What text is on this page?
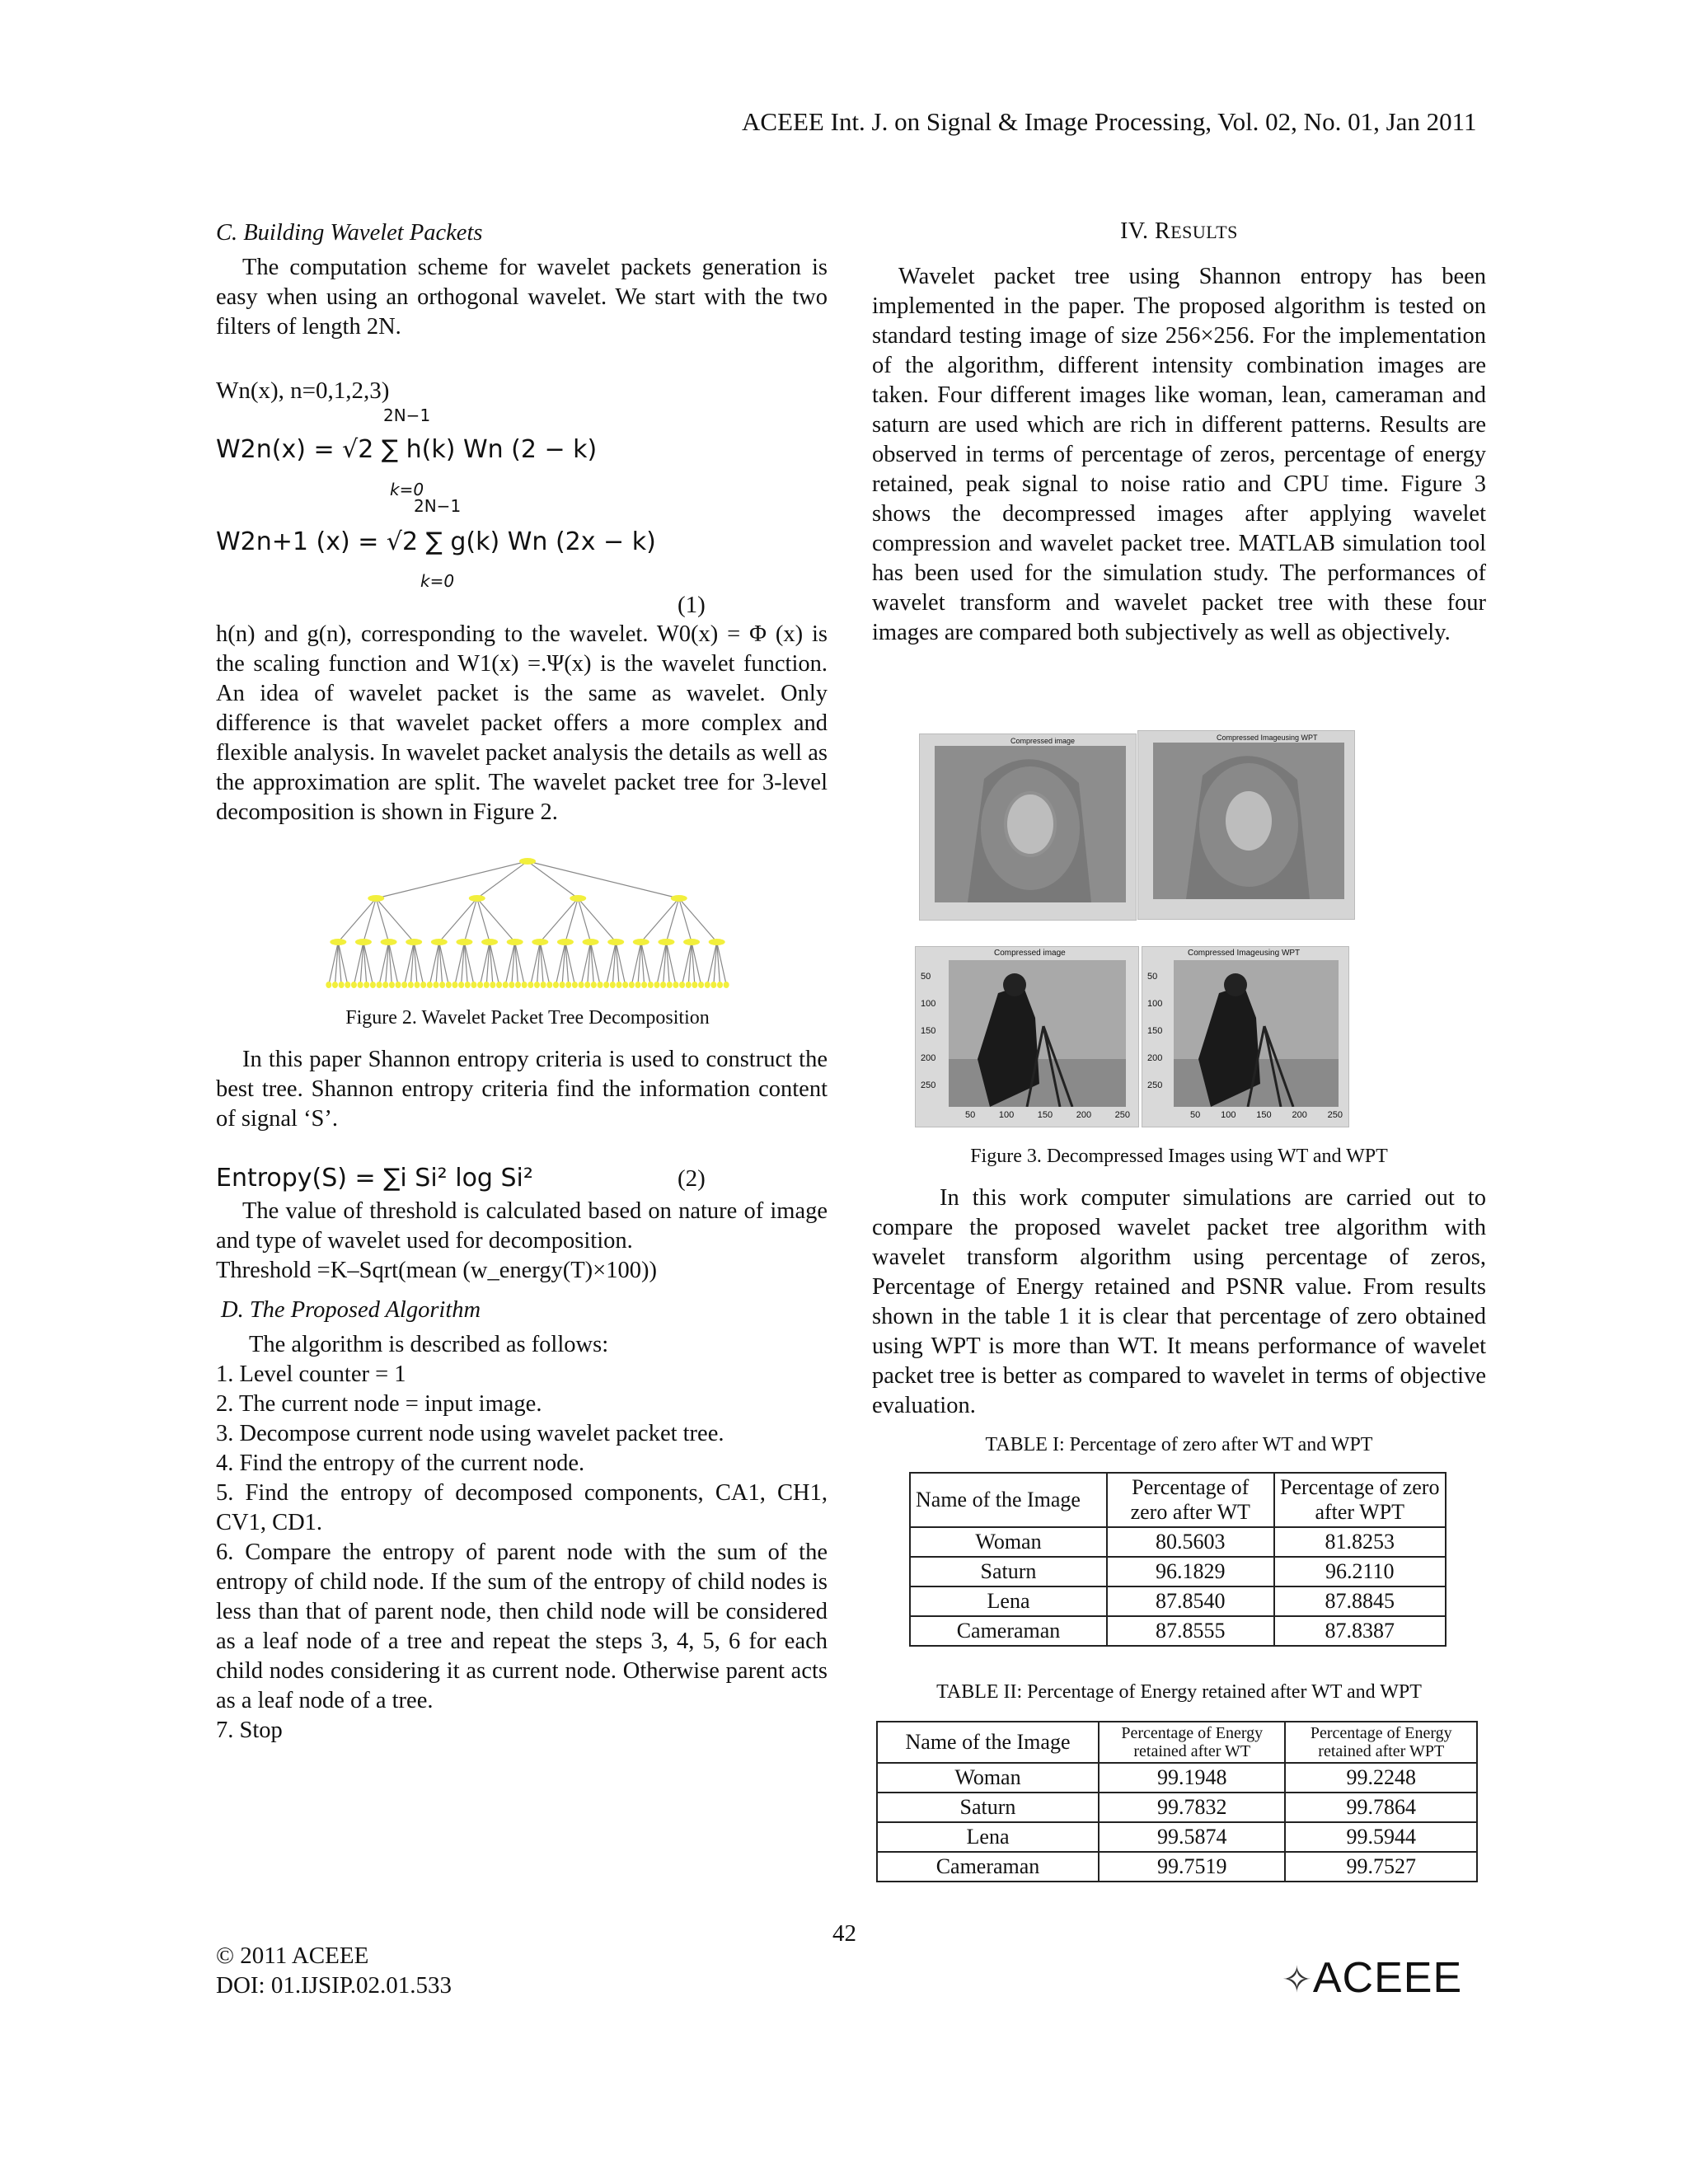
ACEEE Int. J. on Signal & Image Processing, Vol. 02, No. 01, Jan 2011
C. Building Wavelet Packets

The computation scheme for wavelet packets generation is easy when using an orthogonal wavelet. We start with the two filters of length 2N.

Wn(x), n=0,1,2,3)
2N−1
W2n(x) = √2 ∑ h(k) Wn (2 − k)
k=0
2N−1
W2n+1 (x) = √2 ∑ g(k) Wn (2x − k)
k=0
(1)

h(n) and g(n), corresponding to the wavelet. W0(x) = Φ (x) is the scaling function and W1(x) =.Ψ(x) is the wavelet function. An idea of wavelet packet is the same as wavelet. Only difference is that wavelet packet offers a more complex and flexible analysis. In wavelet packet analysis the details as well as the approximation are split. The wavelet packet tree for 3-level decomposition is shown in Figure 2.

Figure 2. Wavelet Packet Tree Decomposition

In this paper Shannon entropy criteria is used to construct the best tree. Shannon entropy criteria find the information content of signal ‘S’.

Entropy(S) = ∑i Si² log Si²	(2)

The value of threshold is calculated based on nature of image and type of wavelet used for decomposition.

Threshold =K–Sqrt(mean (w_energy(T)×100))

D. The Proposed Algorithm

The algorithm is described as follows:

1. Level counter = 1

2. The current node = input image.

3. Decompose current node using wavelet packet tree.

4. Find the entropy of the current node.

5. Find the entropy of decomposed components, CA1, CH1, CV1, CD1.

6. Compare the entropy of parent node with the sum of the entropy of child node. If the sum of the entropy of child nodes is less than that of parent node, then child node will be considered as a leaf node of a tree and repeat the steps 3, 4, 5, 6 for each child nodes considering it as current node. Otherwise parent acts as a leaf node of a tree.

7. Stop

IV. RESULTS

Wavelet packet tree using Shannon entropy has been implemented in the paper. The proposed algorithm is tested on standard testing image of size 256×256. For the implementation of the algorithm, different intensity combination images are taken. Four different images like woman, lean, cameraman and saturn are used which are rich in different patterns. Results are observed in terms of percentage of zeros, percentage of energy retained, peak signal to noise ratio and CPU time. Figure 3 shows the decompressed images after applying wavelet compression and wavelet packet tree. MATLAB simulation tool has been used for the simulation study. The performances of wavelet transform and wavelet packet tree with these four images are compared both subjectively as well as objectively.

Compressed image	Compressed Imageusing WPT
Compressed image
50
100
150
200
250
50	100	150	200	250
Compressed Imageusing WPT
50
100
150
200
250
50 100 150 200 250
Figure 3. Decompressed Images using WT and WPT

In this work computer simulations are carried out to compare the proposed wavelet packet tree algorithm with wavelet transform algorithm using percentage of zeros, Percentage of Energy retained and PSNR value. From results shown in the table 1 it is clear that percentage of zero obtained using WPT is more than WT. It means performance of wavelet packet tree is better as compared to wavelet in terms of objective evaluation.

TABLE I: Percentage of zero after WT and WPT
Name of the Image	Percentage of zero after WT	Percentage of zero after WPT
Woman	80.5603	81.8253
Saturn	96.1829	96.2110
Lena	87.8540	87.8845
Cameraman	87.8555	87.8387
TABLE II: Percentage of Energy retained after WT and WPT
Name of the Image	Percentage of Energy retained after WT	Percentage of Energy retained after WPT
Woman	99.1948	99.2248
Saturn	99.7832	99.7864
Lena	99.5874	99.5944
Cameraman	99.7519	99.7527
42
© 2011 ACEEE
DOI: 01.IJSIP.02.01.533	✧ACEEE
